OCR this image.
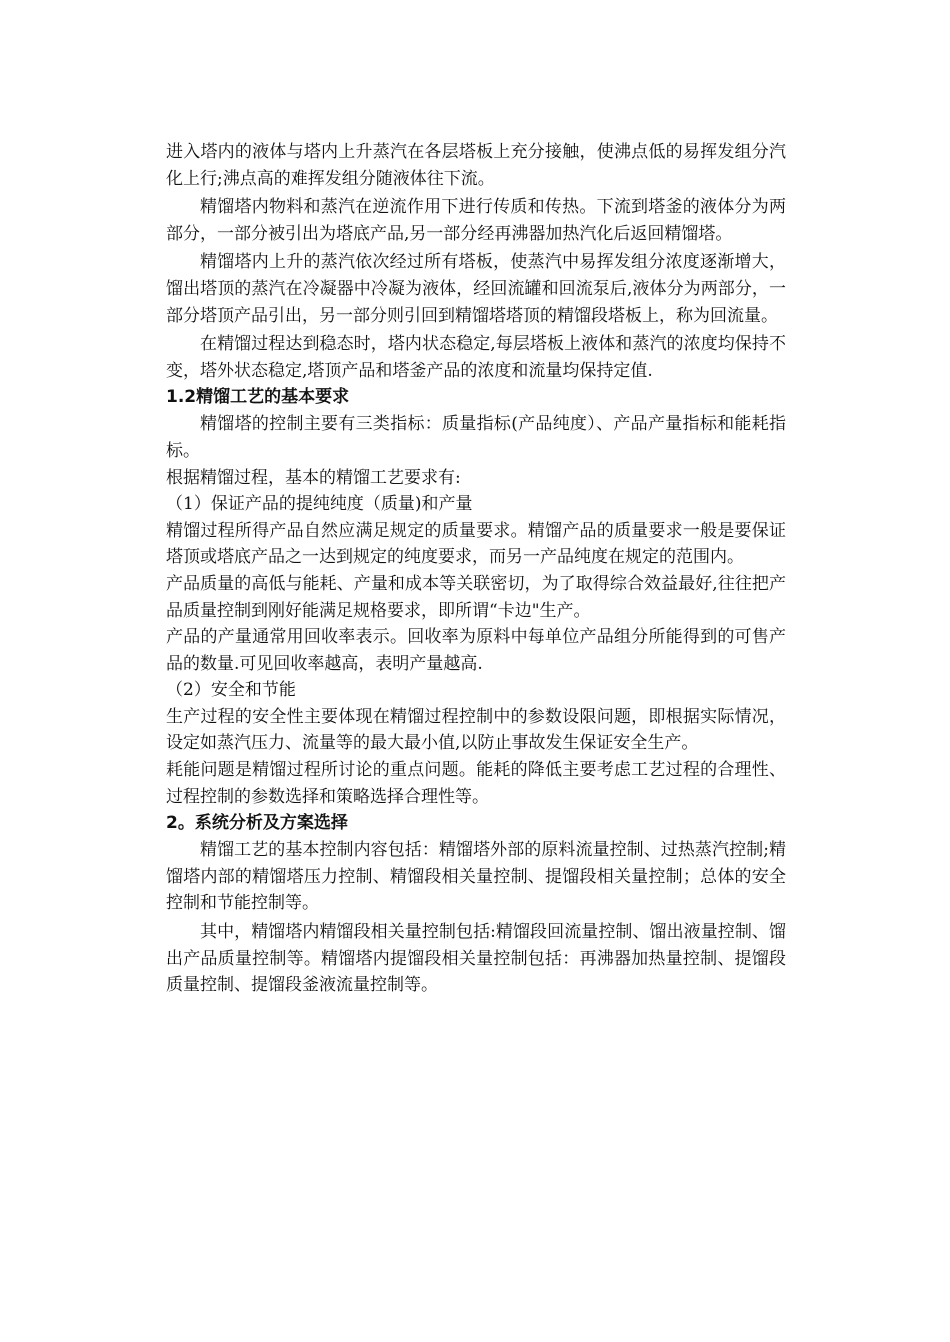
进入塔内的液体与塔内上升蒸汽在各层塔板上充分接触，使沸点低的易挥发组分汽化上行;沸点高的难挥发组分随液体往下流。

精馏塔内物料和蒸汽在逆流作用下进行传质和传热。下流到塔釜的液体分为两部分，一部分被引出为塔底产品,另一部分经再沸器加热汽化后返回精馏塔。

精馏塔内上升的蒸汽依次经过所有塔板，使蒸汽中易挥发组分浓度逐渐增大，馏出塔顶的蒸汽在冷凝器中冷凝为液体，经回流罐和回流泵后,液体分为两部分，一部分塔顶产品引出，另一部分则引回到精馏塔塔顶的精馏段塔板上，称为回流量。

在精馏过程达到稳态时，塔内状态稳定,每层塔板上液体和蒸汽的浓度均保持不变，塔外状态稳定,塔顶产品和塔釜产品的浓度和流量均保持定值.

1.2精馏工艺的基本要求

精馏塔的控制主要有三类指标：质量指标(产品纯度）、产品产量指标和能耗指标。

根据精馏过程，基本的精馏工艺要求有:

（1）保证产品的提纯纯度（质量)和产量

精馏过程所得产品自然应满足规定的质量要求。精馏产品的质量要求一般是要保证塔顶或塔底产品之一达到规定的纯度要求，而另一产品纯度在规定的范围内。

产品质量的高低与能耗、产量和成本等关联密切，为了取得综合效益最好,往往把产品质量控制到刚好能满足规格要求，即所谓“卡边"生产。

产品的产量通常用回收率表示。回收率为原料中每单位产品组分所能得到的可售产品的数量.可见回收率越高，表明产量越高.

（2）安全和节能

生产过程的安全性主要体现在精馏过程控制中的参数设限问题，即根据实际情况，设定如蒸汽压力、流量等的最大最小值,以防止事故发生保证安全生产。

耗能问题是精馏过程所讨论的重点问题。能耗的降低主要考虑工艺过程的合理性、过程控制的参数选择和策略选择合理性等。

2。系统分析及方案选择

精馏工艺的基本控制内容包括：精馏塔外部的原料流量控制、过热蒸汽控制;精馏塔内部的精馏塔压力控制、精馏段相关量控制、提馏段相关量控制；总体的安全控制和节能控制等。

其中，精馏塔内精馏段相关量控制包括:精馏段回流量控制、馏出液量控制、馏出产品质量控制等。精馏塔内提馏段相关量控制包括：再沸器加热量控制、提馏段质量控制、提馏段釜液流量控制等。
